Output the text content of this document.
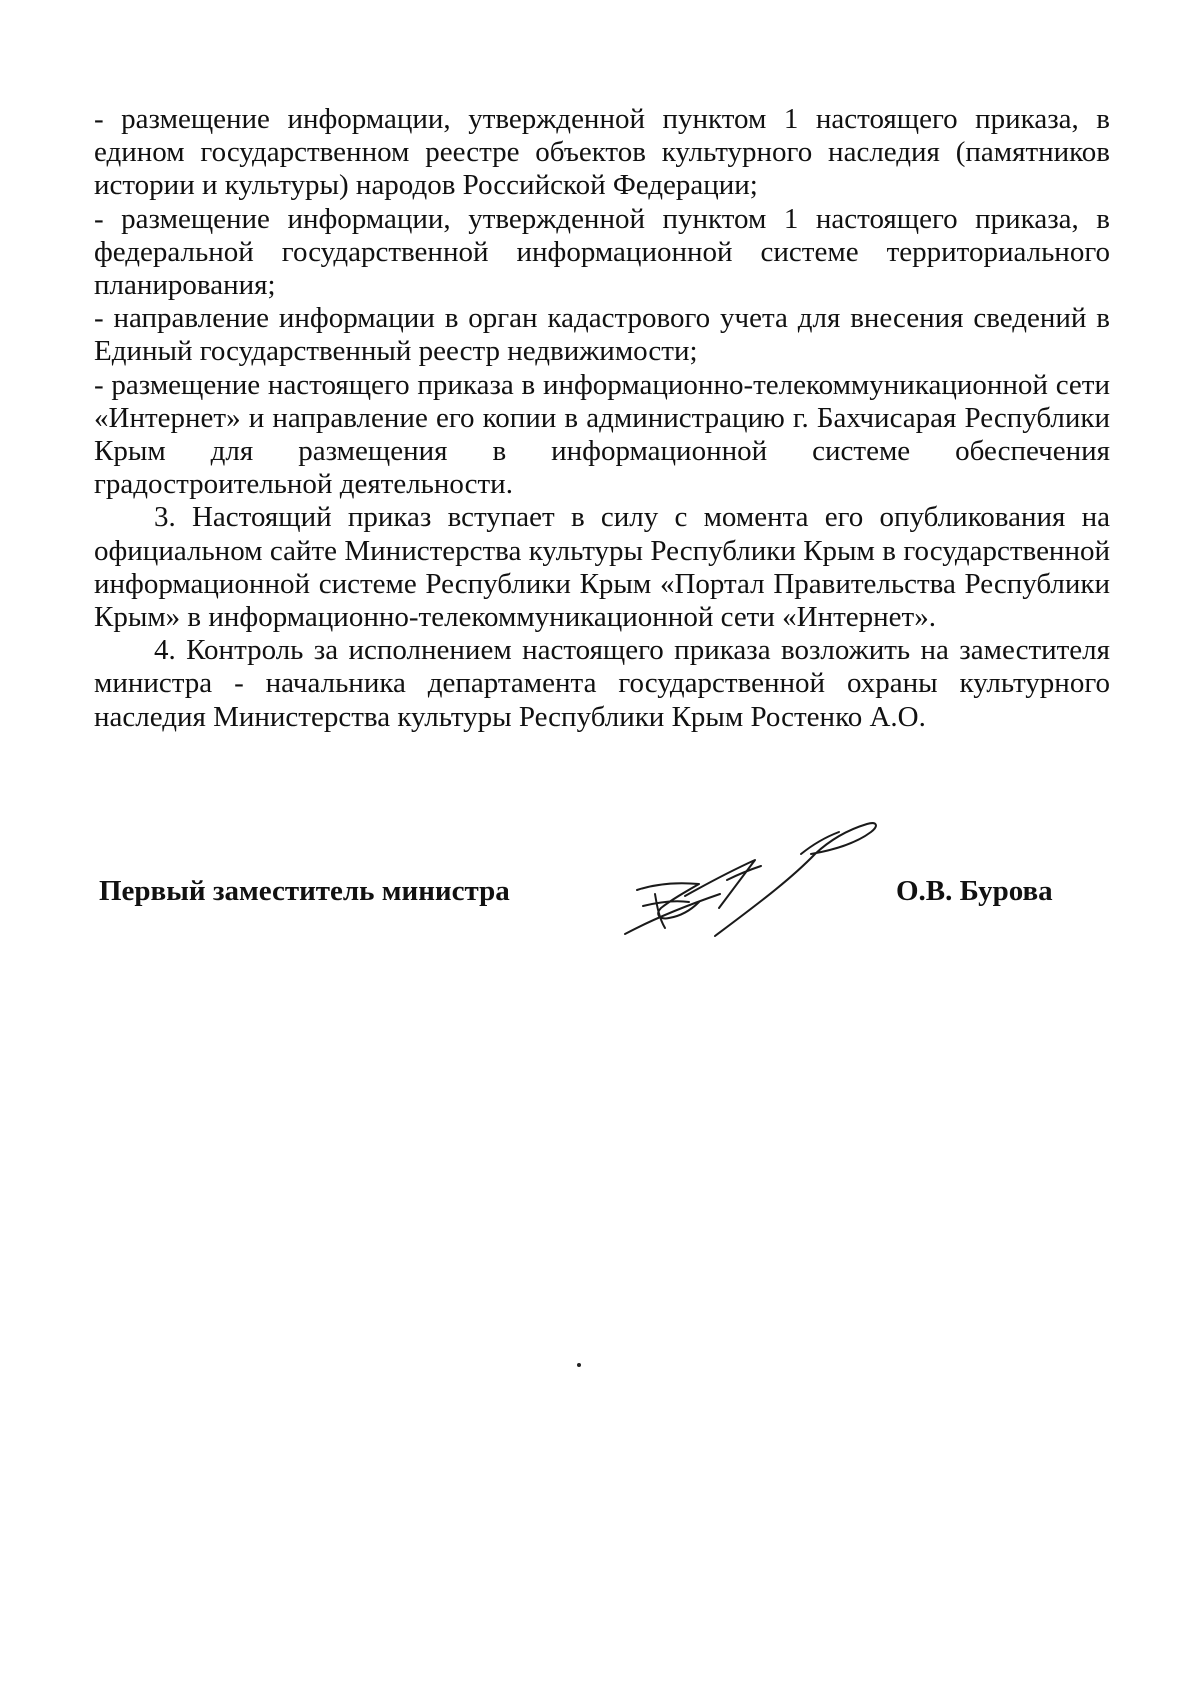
- размещение информации, утвержденной пунктом 1 настоящего приказа, в едином государственном реестре объектов культурного наследия (памятников истории и культуры) народов Российской Федерации;

- размещение информации, утвержденной пунктом 1 настоящего приказа, в федеральной государственной информационной системе территориального планирования;

- направление информации в орган кадастрового учета для внесения сведений в Единый государственный реестр недвижимости;

- размещение настоящего приказа в информационно-телекоммуникационной сети «Интернет» и направление его копии в администрацию г. Бахчисарая Республики Крым для размещения в информационной системе обеспечения градостроительной деятельности.

3. Настоящий приказ вступает в силу с момента его опубликования на официальном сайте Министерства культуры Республики Крым в государственной информационной системе Республики Крым «Портал Правительства Республики Крым» в информационно-телекоммуникационной сети «Интернет».

4. Контроль за исполнением настоящего приказа возложить на заместителя министра - начальника департамента государственной охраны культурного наследия Министерства культуры Республики Крым Ростенко А.О.

Первый заместитель министра	О.В. Бурова
